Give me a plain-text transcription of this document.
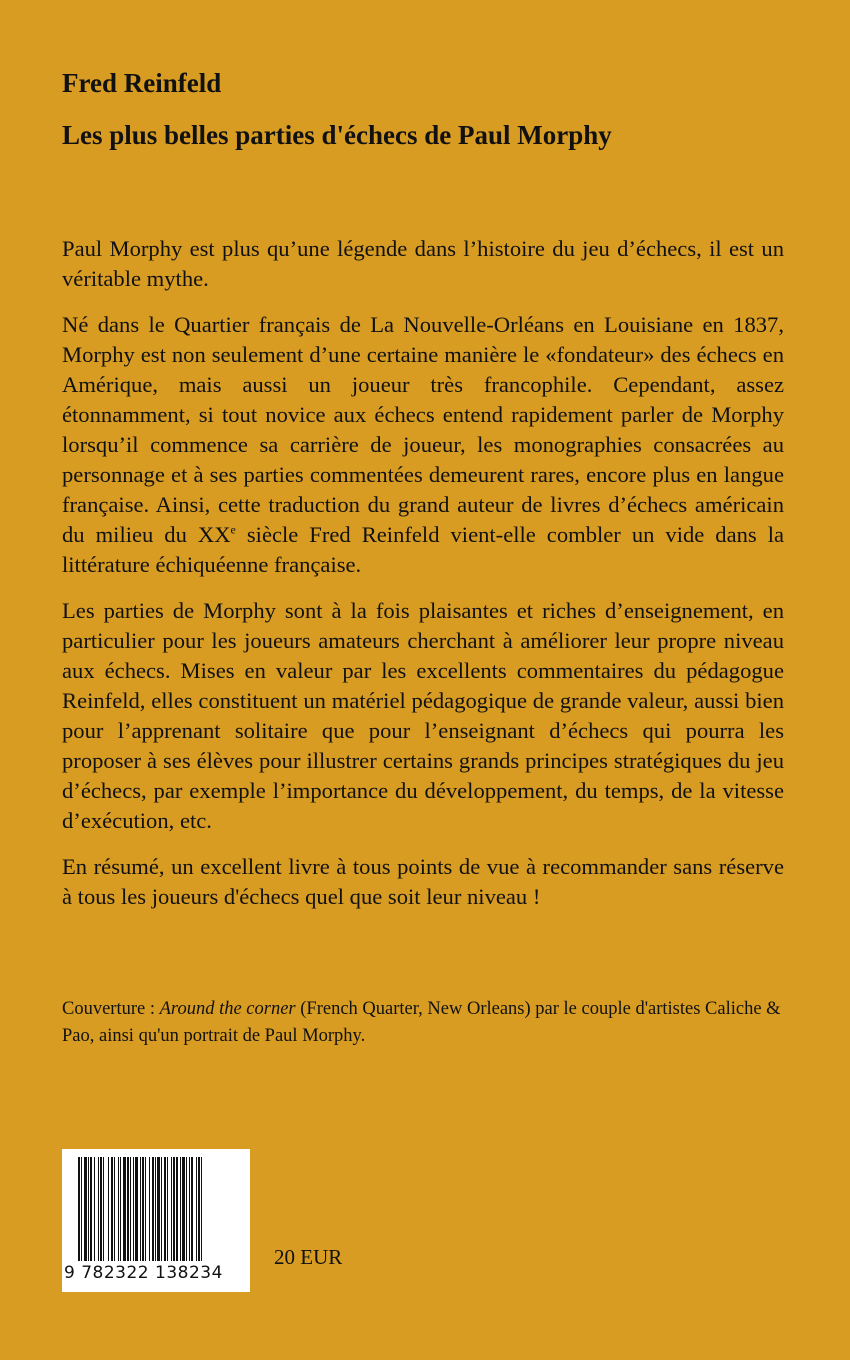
Fred Reinfeld
Les plus belles parties d'échecs de Paul Morphy

Paul Morphy est plus qu’une légende dans l’histoire du jeu d’échecs, il est un véritable mythe.

Né dans le Quartier français de La Nouvelle-Orléans en Louisiane en 1837, Morphy est non seulement d’une certaine manière le «fondateur» des échecs en Amérique, mais aussi un joueur très francophile. Cependant, assez étonnamment, si tout novice aux échecs entend rapidement parler de Morphy lorsqu’il commence sa carrière de joueur, les monographies consacrées au personnage et à ses parties commentées demeurent rares, encore plus en langue française. Ainsi, cette traduction du grand auteur de livres d’échecs américain du milieu du XXe siècle Fred Reinfeld vient-elle combler un vide dans la littérature échiquéenne française.

Les parties de Morphy sont à la fois plaisantes et riches d’enseignement, en particulier pour les joueurs amateurs cherchant à améliorer leur propre niveau aux échecs. Mises en valeur par les excellents commentaires du pédagogue Reinfeld, elles constituent un matériel pédagogique de grande valeur, aussi bien pour l’apprenant solitaire que pour l’enseignant d’échecs qui pourra les proposer à ses élèves pour illustrer certains grands principes stratégiques du jeu d’échecs, par exemple l’importance du développement, du temps, de la vitesse d’exécution, etc.

En résumé, un excellent livre à tous points de vue à recommander sans réserve à tous les joueurs d'échecs quel que soit leur niveau !

Couverture : Around the corner (French Quarter, New Orleans) par le couple d'artistes Caliche & Pao, ainsi qu'un portrait de Paul Morphy.

9 782322 138234
20 EUR
